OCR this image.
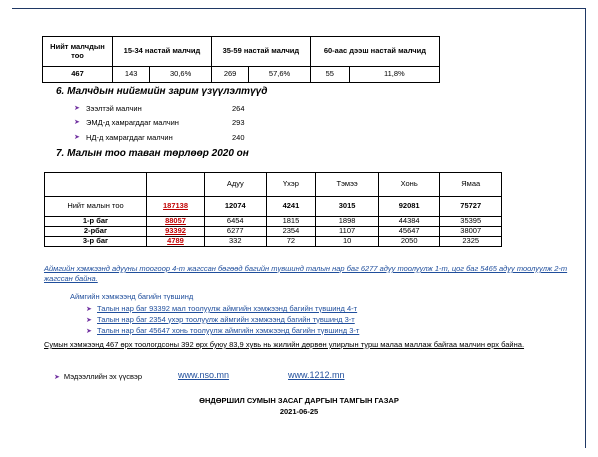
Нийт малчдын тоо	15-34 настай малчид		35-59 настай малчид		60-аас дээш настай малчид	
467	143	30,6%	269	57,6%	55	11,8%
6. Малчдын нийгмийн зарим үзүүлэлтүүд
➤ Зээлтэй малчин	264
➤ ЭМД-д хамрагддаг малчин	293
➤ НД-д хамрагддаг малчин	240
7. Малын тоо таван төрлөөр 2020 он
		Адуу	Үхэр	Тэмээ	Хонь	Ямаа
Нийт малын тоо	187138	12074	4241	3015	92081	75727
1-р баг	88057	6454	1815	1898	44384	35395
2-рбаг	93392	6277	2354	1107	45647	38007
3-р баг	4789	332	72	10	2050	2325
Аймгийн хэмжээнд адууны тоогоор 4-т жагссан бөгөөд багийн түвшинд талын нар баг 6277 адуу тоолуулж 1-т, цог баг 5465 адуу тоолуулж 2-т жагссан байна.
Аймгийн хэмжээнд багийн түвшинд
➤ Талын нар баг 93392 мал тоолуулж аймгийн хэмжээнд багийн түвшинд 4-т
➤ Талын нар баг 2354 үхэр тоолуулж аймгийн хэмжээнд багийн түвшинд 3-т
➤ Талын нар баг 45647 хонь тоолуулж аймгийн хэмжээнд багийн түвшинд 3-т
Сумын хэмжээнд 467 өрх тоологдсоны 392 өрх буюу 83,9 хувь нь жилийн дөрвөн улирлын турш малаа маллаж байгаа малчин өрх байна.
➤ Мэдээллийн эх үүсвэр	www.nso.mn	www.1212.mn
ӨНДӨРШИЛ СУМЫН ЗАСАГ ДАРГЫН ТАМГЫН ГАЗАР
2021-06-25
